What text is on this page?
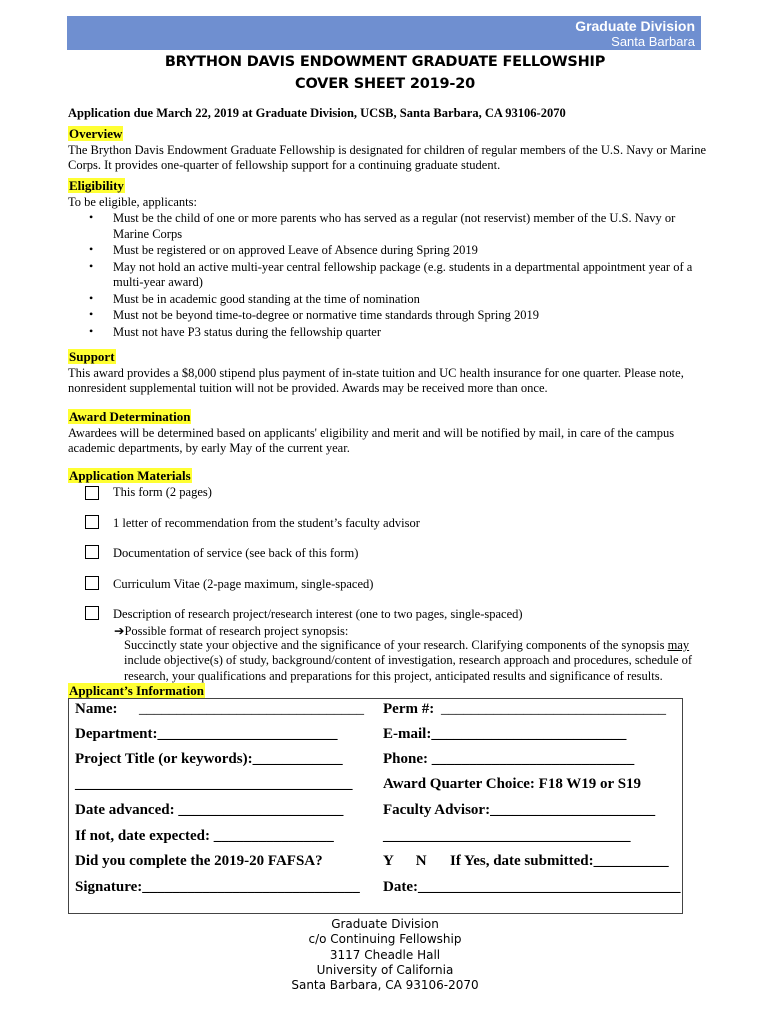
Graduate Division
Santa Barbara
BRYTHON DAVIS ENDOWMENT GRADUATE FELLOWSHIP
COVER SHEET 2019-20
Application due March 22, 2019 at Graduate Division, UCSB, Santa Barbara, CA 93106-2070
Overview

The Brython Davis Endowment Graduate Fellowship is designated for children of regular members of the U.S. Navy or Marine Corps. It provides one-quarter of fellowship support for a continuing graduate student.

Eligibility

To be eligible, applicants:

• Must be the child of one or more parents who has served as a regular (not reservist) member of the U.S. Navy or Marine Corps

• Must be registered or on approved Leave of Absence during Spring 2019

• May not hold an active multi-year central fellowship package (e.g. students in a departmental appointment year of a multi-year award)

• Must be in academic good standing at the time of nomination

• Must not be beyond time-to-degree or normative time standards through Spring 2019

• Must not have P3 status during the fellowship quarter

Support

This award provides a $8,000 stipend plus payment of in-state tuition and UC health insurance for one quarter. Please note, nonresident supplemental tuition will not be provided. Awards may be received more than once.

Award Determination

Awardees will be determined based on applicants' eligibility and merit and will be notified by mail, in care of the campus academic departments, by early May of the current year.

Application Materials
This form (2 pages)
1 letter of recommendation from the student’s faculty advisor
Documentation of service (see back of this form)
Curriculum Vitae (2-page maximum, single-spaced)
Description of research project/research interest (one to two pages, single-spaced)
➔Possible format of research project synopsis:
Succinctly state your objective and the significance of your research. Clarifying components of the synopsis may include objective(s) of study, background/content of investigation, research approach and procedures, schedule of research, your qualifications and preparations for this project, anticipated results and significance of results.
Applicant’s Information
Name: ______________________________ Perm #: ______________________________
Department:________________________	E-mail:__________________________
Project Title (or keywords):____________	Phone: ___________________________
_____________________________________ Award Quarter Choice: F18 W19 or S19
Date advanced: ______________________	Faculty Advisor:______________________
If not, date expected: ________________	_________________________________
Did you complete the 2019-20 FAFSA?	Y      N If Yes, date submitted:__________
Signature:_____________________________ Date:___________________________________
Graduate Division
c/o Continuing Fellowship
3117 Cheadle Hall
University of California
Santa Barbara, CA 93106-2070
